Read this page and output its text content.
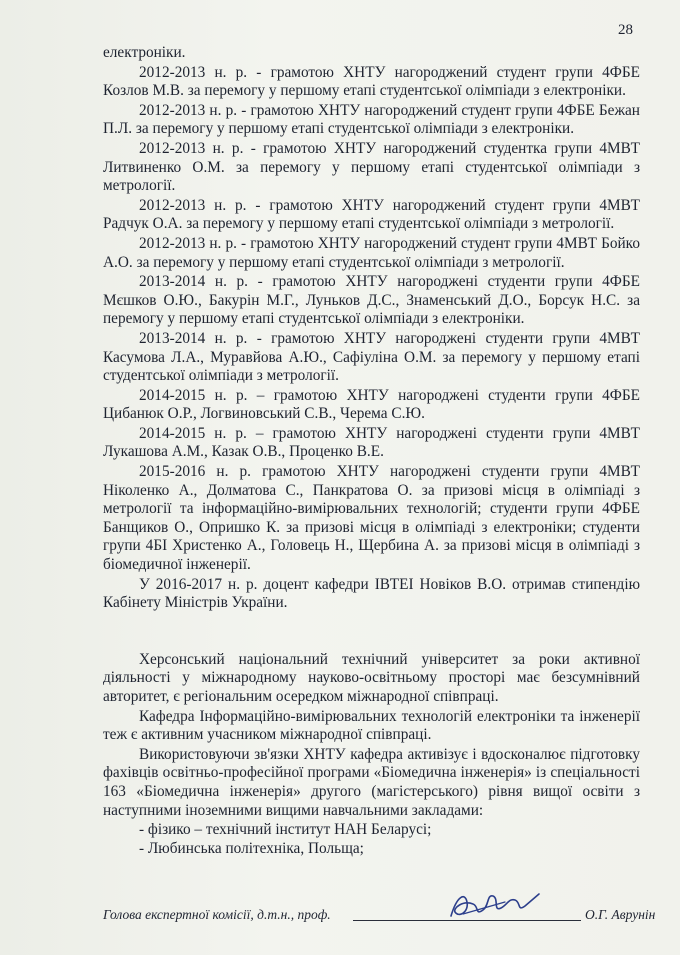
28

електроніки.

2012-2013 н. р. - грамотою ХНТУ нагороджений студент групи 4ФБЕ Козлов М.В. за перемогу у першому етапі студентської олімпіади з електроніки.

2012-2013 н. р. - грамотою ХНТУ нагороджений студент групи 4ФБЕ Бежан П.Л. за перемогу у першому етапі студентської олімпіади з електроніки.

2012-2013 н. р. - грамотою ХНТУ нагороджений студентка групи 4МВТ Литвиненко О.М. за перемогу у першому етапі студентської олімпіади з метрології.

2012-2013 н. р. - грамотою ХНТУ нагороджений студент групи 4МВТ Радчук О.А. за перемогу у першому етапі студентської олімпіади з метрології.

2012-2013 н. р. - грамотою ХНТУ нагороджений студент групи 4МВТ Бойко А.О. за перемогу у першому етапі студентської олімпіади з метрології.

2013-2014 н. р. - грамотою ХНТУ нагороджені студенти групи 4ФБЕ Мєшков О.Ю., Бакурін М.Г., Луньков Д.С., Знаменський Д.О., Борсук Н.С. за перемогу у першому етапі студентської олімпіади з електроніки.

2013-2014 н. р. - грамотою ХНТУ нагороджені студенти групи 4МВТ Касумова Л.А., Муравйова А.Ю., Сафіуліна О.М. за перемогу у першому етапі студентської олімпіади з метрології.

2014-2015 н. р. – грамотою ХНТУ нагороджені студенти групи 4ФБЕ Цибанюк О.Р., Логвиновський С.В., Черема С.Ю.

2014-2015 н. р. – грамотою ХНТУ нагороджені студенти групи 4МВТ Лукашова А.М., Казак О.В., Проценко В.Е.

2015-2016 н. р. грамотою ХНТУ нагороджені студенти групи 4МВТ Ніколенко А., Долматова С., Панкратова О. за призові місця в олімпіаді з метрології та інформаційно-вимірювальних технологій; студенти групи 4ФБЕ Банщиков О., Опришко К. за призові місця в олімпіаді з електроніки; студенти групи 4БІ Христенко А., Головець Н., Щербина А. за призові місця в олімпіаді з біомедичної інженерії.

У 2016-2017 н. р. доцент кафедри ІВТЕІ Новіков В.О. отримав стипендію Кабінету Міністрів України.

Херсонський національний технічний університет за роки активної діяльності у міжнародному науково-освітньому просторі має безсумнівний авторитет, є регіональним осередком міжнародної співпраці.

Кафедра Інформаційно-вимірювальних технологій електроніки та інженерії теж є активним учасником міжнародної співпраці.

Використовуючи зв'язки ХНТУ кафедра активізує і вдосконалює підготовку фахівців освітньо-професійної програми «Біомедична інженерія» із спеціальності 163 «Біомедична інженерія» другого (магістерського) рівня вищої освіти з наступними іноземними вищими навчальними закладами:

- фізико – технічний інститут НАН Беларусі;

- Любинська політехніка, Польща;

Голова експертної комісії, д.т.н., проф.	О.Г. Аврунін
